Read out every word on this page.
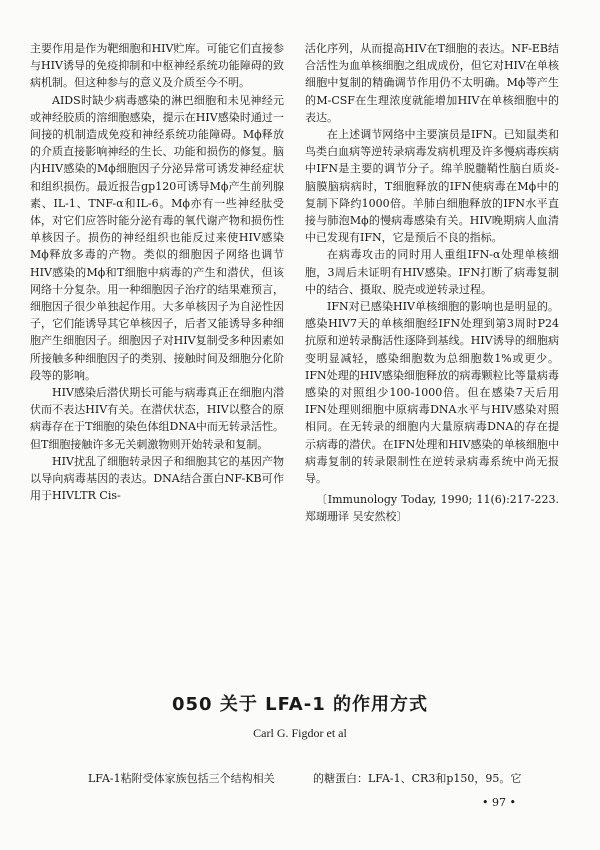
主要作用是作为靶细胞和HIV贮库。可能它们直接参与HIV诱导的免疫抑制和中枢神经系统功能障碍的致病机制。但这种参与的意义及介质至今不明。

AIDS时缺少病毒感染的淋巴细胞和未见神经元或神经胶质的溶细胞感染，提示在HIV感染时通过一间接的机制造成免疫和神经系统功能障碍。Mϕ释放的介质直接影响神经的生长、功能和损伤的修复。脑内HIV感染的Mϕ细胞因子分泌异常可诱发神经症状和组织损伤。最近报告gp120可诱导Mϕ产生前列腺素、IL-1、TNF-α和IL-6。Mϕ亦有一些神经肽受体，对它们应答时能分泌有毒的氧代谢产物和损伤性单核因子。损伤的神经组织也能反过来使HIV感染Mϕ释放多毒的产物。类似的细胞因子网络也调节HIV感染的Mϕ和T细胞中病毒的产生和潜伏，但该网络十分复杂。用一种细胞因子治疗的结果难预言，细胞因子很少单独起作用。大多单核因子为自泌性因子，它们能诱导其它单核因子，后者又能诱导多种细胞产生细胞因子。细胞因子对HIV复制受多种因素如所接触多种细胞因子的类别、接触时间及细胞分化阶段等的影响。

HIV感染后潜伏期长可能与病毒真正在细胞内潜伏而不表达HIV有关。在潜伏状态，HIV以整合的原病毒存在于T细胞的染色体组DNA中而无转录活性。但T细胞接触许多无关刺激物则开始转录和复制。

HIV扰乱了细胞转录因子和细胞其它的基因产物以导向病毒基因的表达。DNA结合蛋白NF-KB可作用于HIVLTR Cis-

活化序列，从而提高HIV在T细胞的表达。NF-EB结合活性为血单核细胞之组成成份，但它对HIV在单核细胞中复制的精确调节作用仍不太明确。Mϕ等产生的M-CSF在生理浓度就能增加HIV在单核细胞中的表达。

在上述调节网络中主要演员是IFN。已知鼠类和鸟类白血病等逆转录病毒发病机理及许多慢病毒疾病中IFN是主要的调节分子。绵羊脱髓鞘性脑白质炎-脑膜脑病病时，T细胞释放的IFN使病毒在Mϕ中的复制下降约1000倍。羊肺白细胞释放的IFN水平直接与肺泡Mϕ的慢病毒感染有关。HIV晚期病人血清中已发现有IFN，它是预后不良的指标。

在病毒攻击的同时用人重组IFN-α处理单核细胞，3周后未证明有HIV感染。IFN打断了病毒复制中的结合、摄取、脱壳或逆转录过程。

IFN对已感染HIV单核细胞的影响也是明显的。感染HIV7天的单核细胞经IFN处理到第3周时P24抗原和逆转录酶活性逐降到基线。HIV诱导的细胞病变明显减轻，感染细胞数为总细胞数1%或更少。IFN处理的HIV感染细胞释放的病毒颗粒比等量病毒感染的对照组少100-1000倍。但在感染7天后用IFN处理则细胞中原病毒DNA水平与HIV感染对照相同。在无转录的细胞内大量原病毒DNA的存在提示病毒的潜伏。在IFN处理和HIV感染的单核细胞中病毒复制的转录限制性在逆转录病毒系统中尚无报导。

〔Immunology Today, 1990; 11(6):217-223. 郑瑚珊译 吴安然校〕

050 关于 LFA-1 的作用方式
Carl G. Figdor et al
LFA-1粘附受体家族包括三个结构相关	的糖蛋白：LFA-1、CR3和p150，95。它
• 97 •
